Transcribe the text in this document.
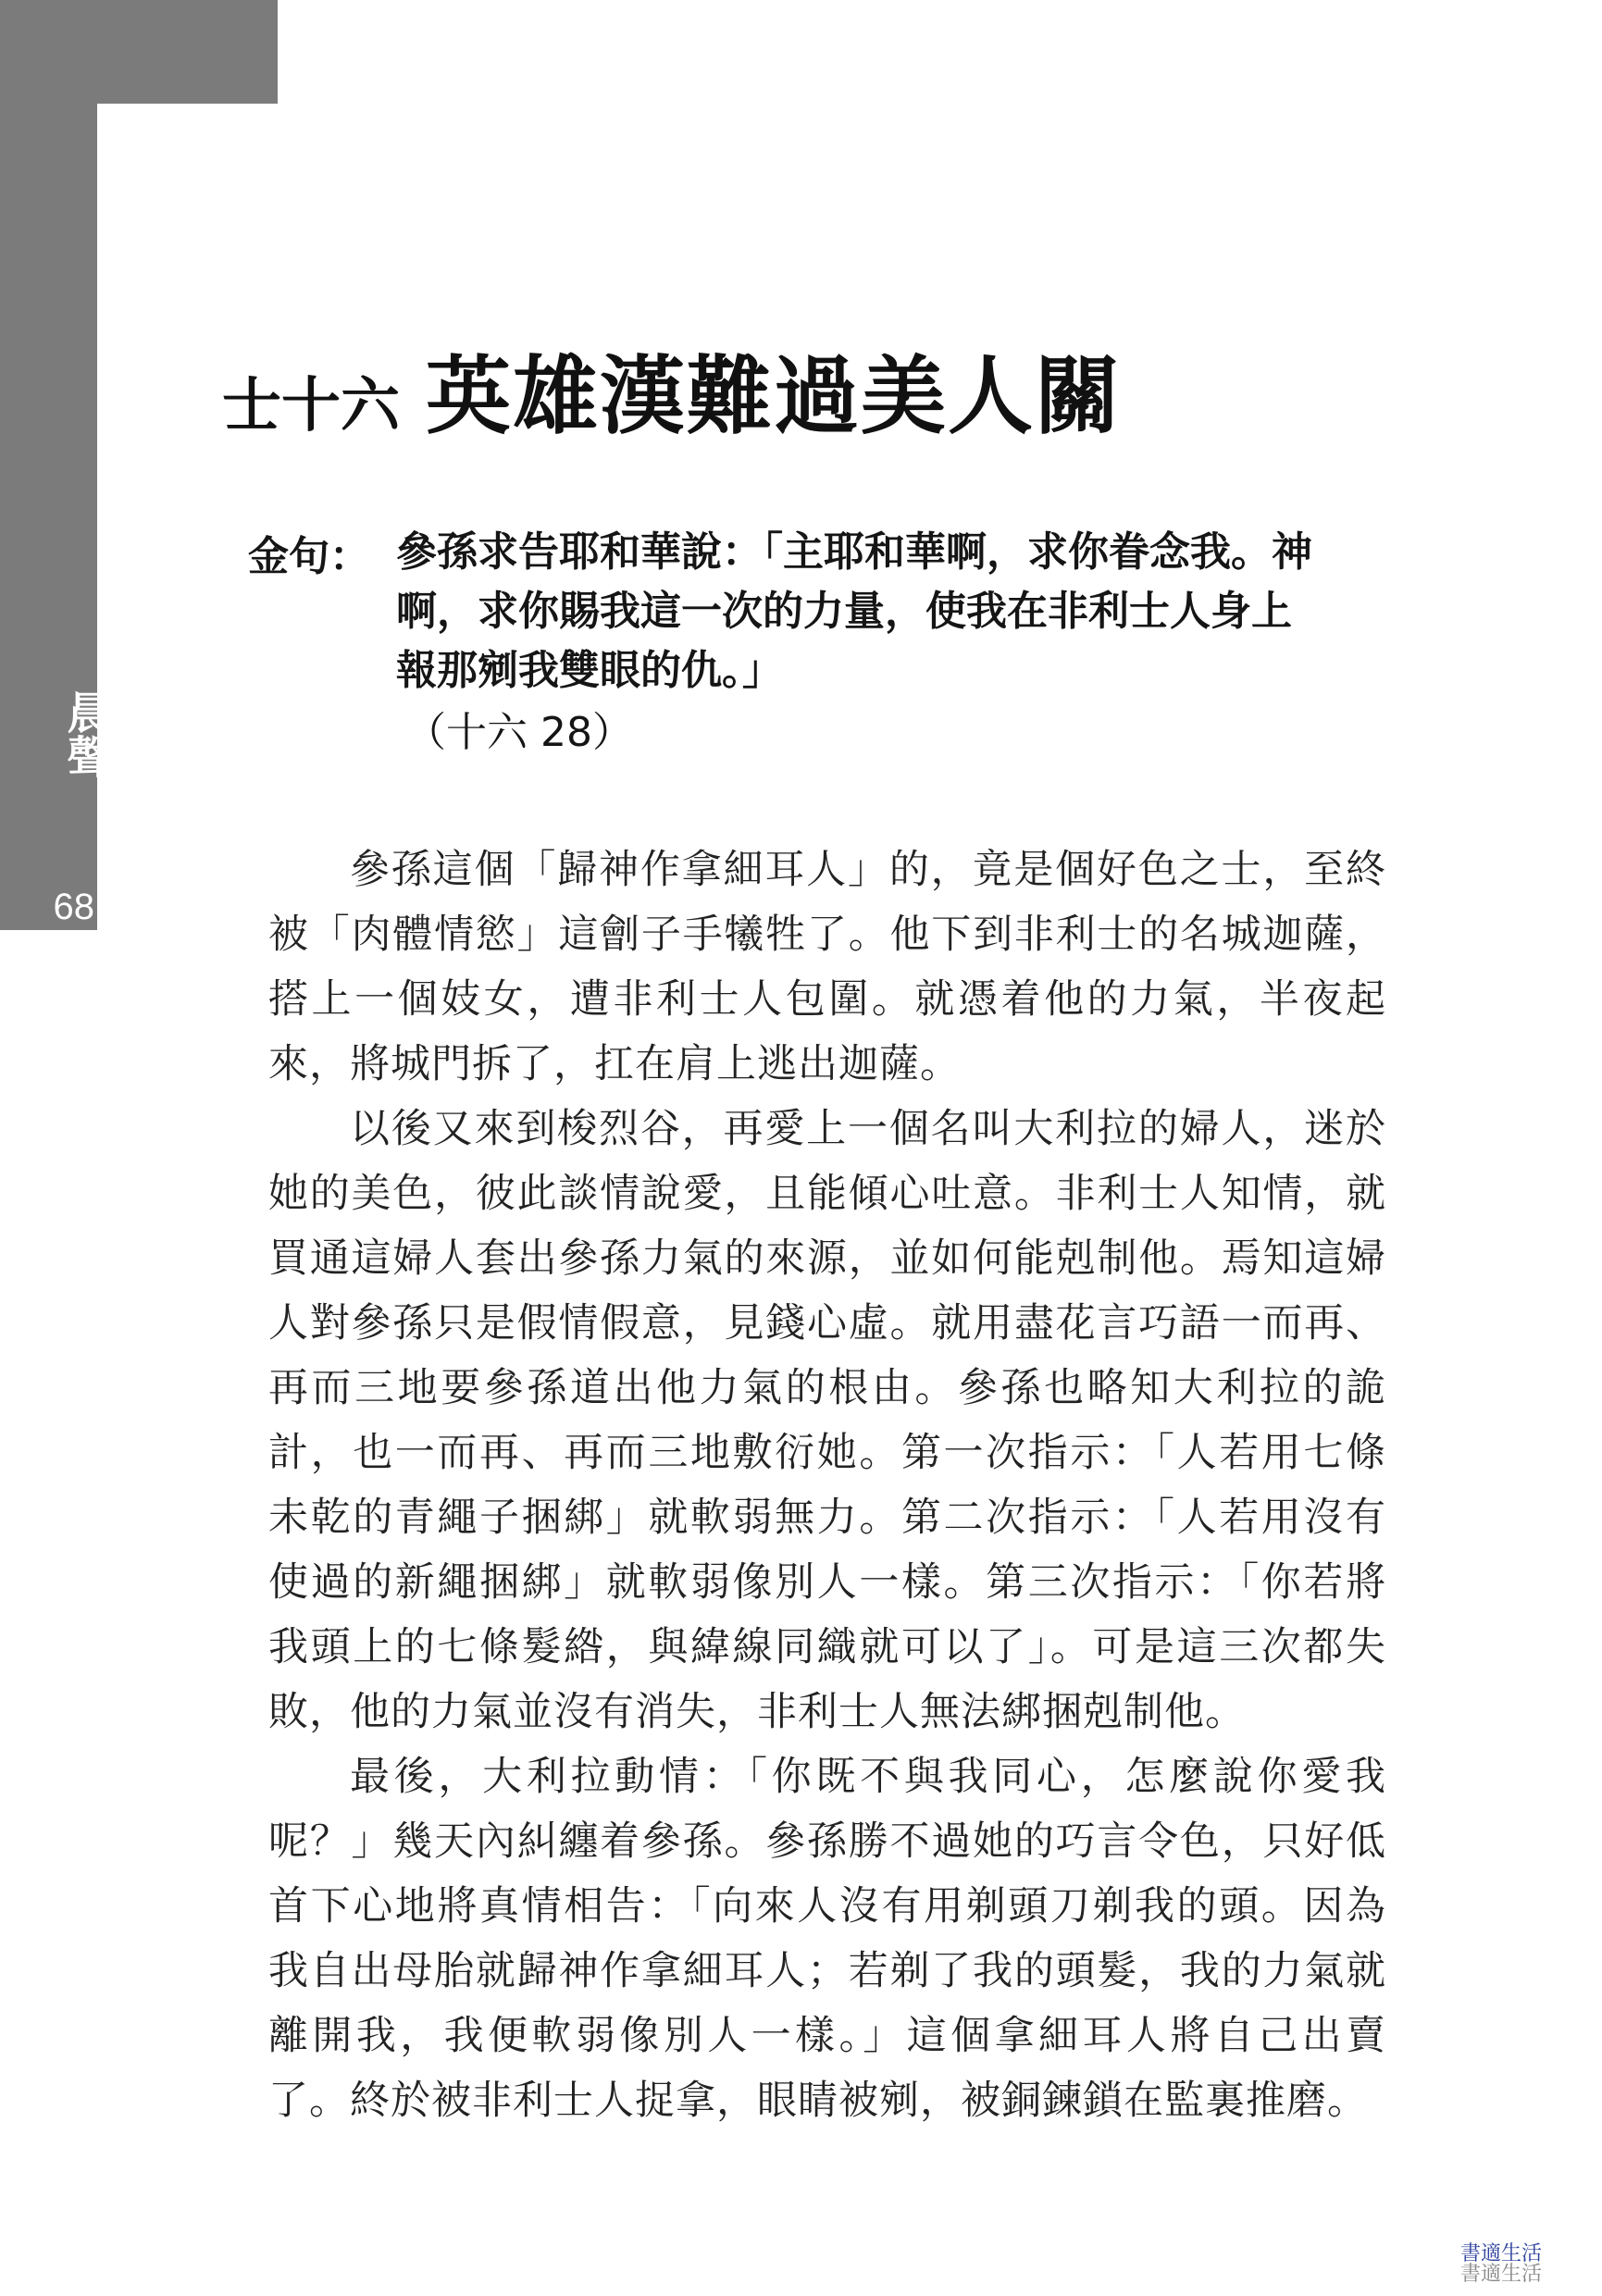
晨聲
68
士十六 英雄漢難過美人關
金句： 參孫求告耶和華說：「主耶和華啊，求你眷念我。神啊，求你賜我這一次的力量，使我在非利士人身上報那剜我雙眼的仇。」
（十六 28）

參孫這個「歸神作拿細耳人」的，竟是個好色之士，至終被「肉體情慾」這劊子手犧牲了。他下到非利士的名城迦薩，搭上一個妓女，遭非利士人包圍。就憑着他的力氣，半夜起來，將城門拆了，扛在肩上逃出迦薩。

以後又來到梭烈谷，再愛上一個名叫大利拉的婦人，迷於她的美色，彼此談情說愛，且能傾心吐意。非利士人知情，就買通這婦人套出參孫力氣的來源，並如何能剋制他。焉知這婦人對參孫只是假情假意，見錢心虛。就用盡花言巧語一而再、再而三地要參孫道出他力氣的根由。參孫也略知大利拉的詭計，也一而再、再而三地敷衍她。第一次指示：「人若用七條未乾的青繩子捆綁」就軟弱無力。第二次指示：「人若用沒有使過的新繩捆綁」就軟弱像別人一樣。第三次指示：「你若將我頭上的七條髮綹，與緯線同織就可以了」。可是這三次都失敗，他的力氣並沒有消失，非利士人無法綁捆剋制他。

最後，大利拉動情：「你既不與我同心，怎麼說你愛我呢？」幾天內糾纏着參孫。參孫勝不過她的巧言令色，只好低首下心地將真情相告：「向來人沒有用剃頭刀剃我的頭。因為我自出母胎就歸神作拿細耳人；若剃了我的頭髮，我的力氣就離開我，我便軟弱像別人一樣。」這個拿細耳人將自己出賣了。終於被非利士人捉拿，眼睛被剜，被銅鍊鎖在監裏推磨。

書適生活
書適生活
